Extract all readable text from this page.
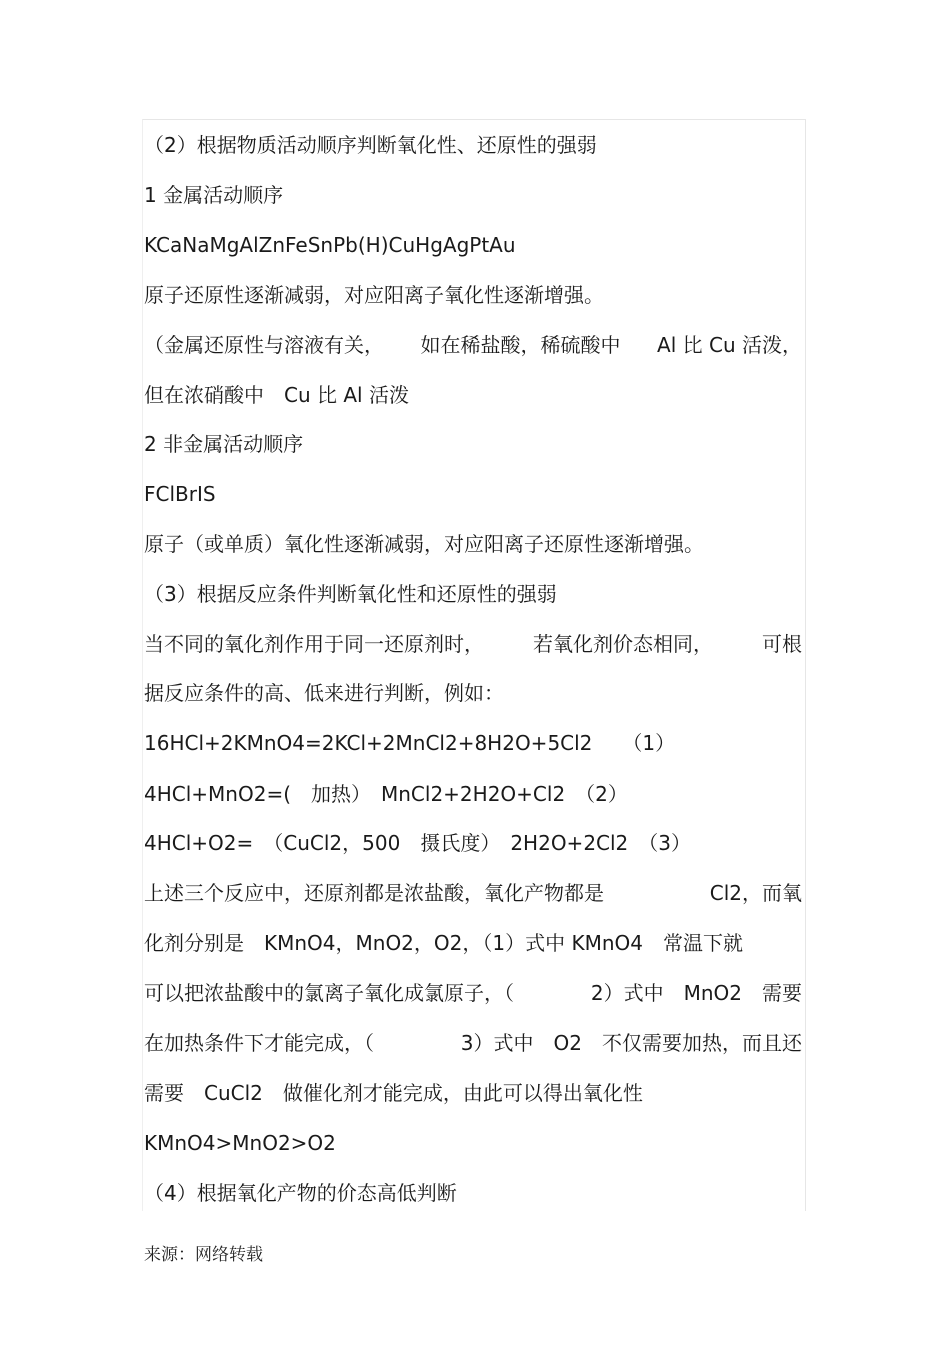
（2）根据物质活动顺序判断氧化性、还原性的强弱
1 金属活动顺序
KCaNaMgAlZnFeSnPb(H)CuHgAgPtAu
原子还原性逐渐减弱，对应阳离子氧化性逐渐增强。
（金属还原性与溶液有关， 如在稀盐酸，稀硫酸中 Al 比 Cu 活泼，
但在浓硝酸中　Cu 比 Al 活泼
2 非金属活动顺序
FClBrIS
原子（或单质）氧化性逐渐减弱，对应阳离子还原性逐渐增强。
（3）根据反应条件判断氧化性和还原性的强弱
当不同的氧化剂作用于同一还原剂时， 若氧化剂价态相同， 可根
据反应条件的高、低来进行判断，例如：
16HCl+2KMnO4=2KCl+2MnCl2+8H2O+5Cl2　　（1）
4HCl+MnO2=(　加热）　MnCl2+2H2O+Cl2　（2）
4HCl+O2=　（CuCl2，500　摄氏度）　2H2O+2Cl2　（3）
上述三个反应中，还原剂都是浓盐酸，氧化产物都是	Cl2，而氧
化剂分别是　KMnO4，MnO2，O2，（1）式中 KMnO4　常温下就
可以把浓盐酸中的氯离子氧化成氯原子，（	2）式中　MnO2　需要
在加热条件下才能完成，（	3）式中　O2　不仅需要加热，而且还
需要　CuCl2　做催化剂才能完成，由此可以得出氧化性
KMnO4>MnO2>O2
（4）根据氧化产物的价态高低判断
来源：网络转载
